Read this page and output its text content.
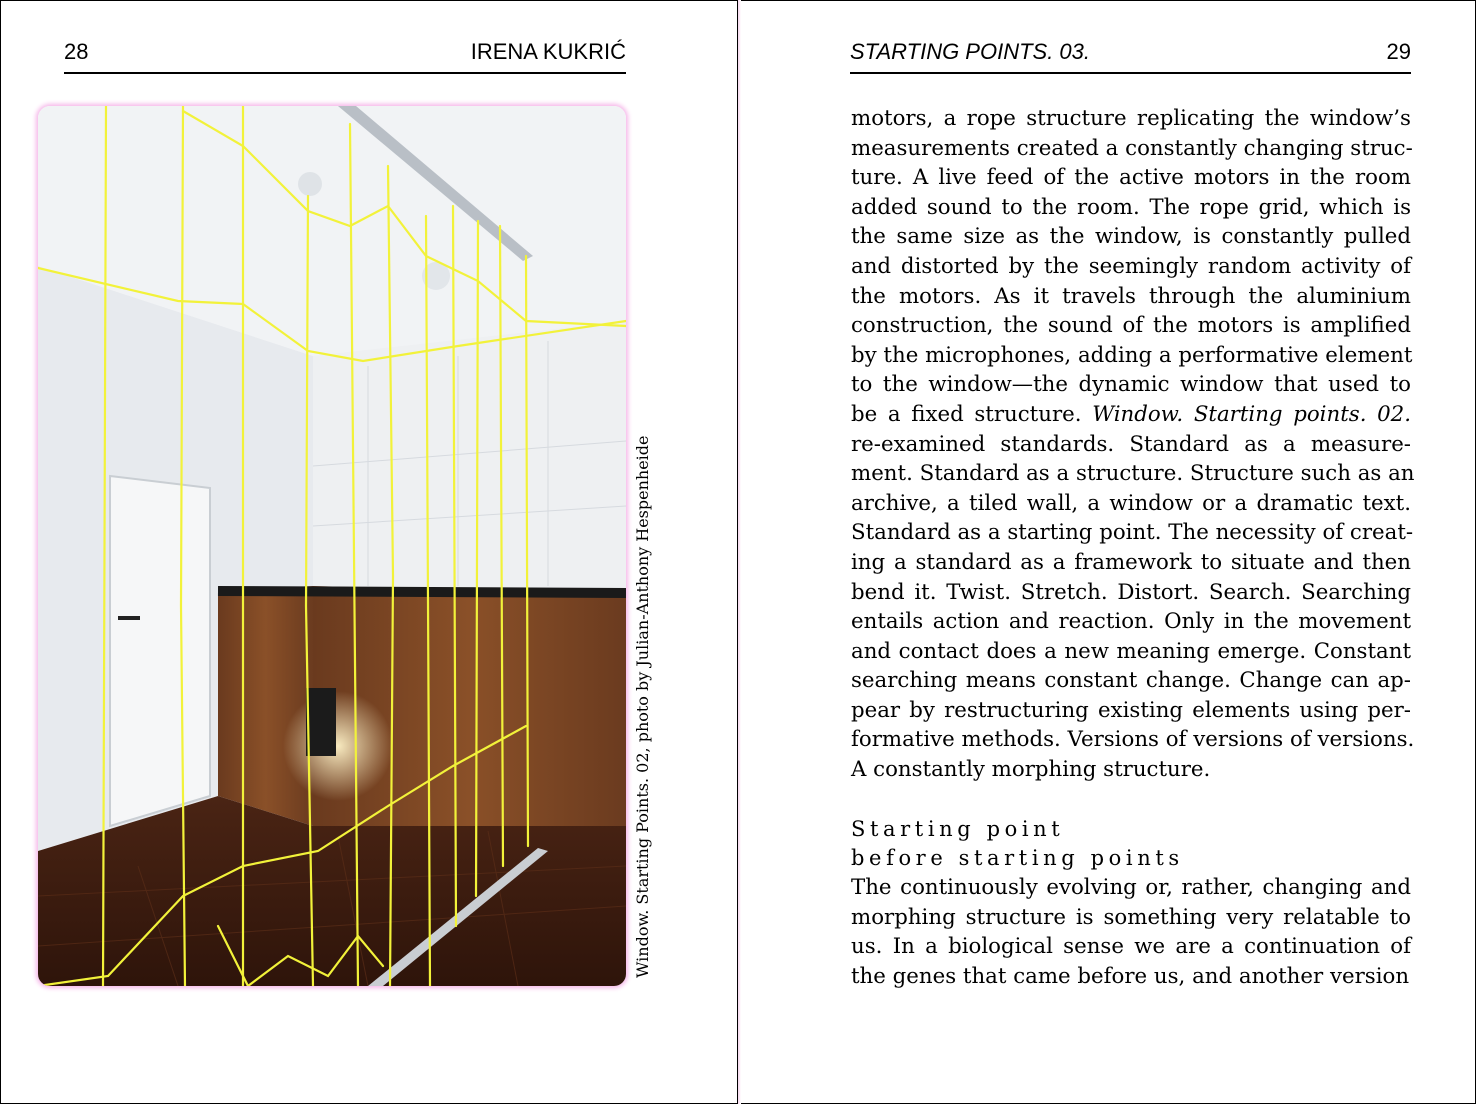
28	IRENA KUKRIĆ	STARTING POINTS. 03.	29
Window. Starting Points. 02, photo by Julian-Anthony Hespenheide
motors, a rope structure replicating the window’s
measurements created a constantly changing struc-
ture. A live feed of the active motors in the room
added sound to the room. The rope grid, which is
the same size as the window, is constantly pulled
and distorted by the seemingly random activity of
the motors. As it travels through the aluminium
construction, the sound of the motors is amplified
by the microphones, adding a performative element
to the window—the dynamic window that used to
be a fixed structure. Window. Starting points. 02.
re-examined standards. Standard as a measure-
ment. Standard as a structure. Structure such as an
archive, a tiled wall, a window or a dramatic text.
Standard as a starting point. The necessity of creat-
ing a standard as a framework to situate and then
bend it. Twist. Stretch. Distort. Search. Searching
entails action and reaction. Only in the movement
and contact does a new meaning emerge. Constant
searching means constant change. Change can ap-
pear by restructuring existing elements using per-
formative methods. Versions of versions of versions.
A constantly morphing structure.
Starting point
before starting points
The continuously evolving or, rather, changing and
morphing structure is something very relatable to
us. In a biological sense we are a continuation of
the genes that came before us, and another version
